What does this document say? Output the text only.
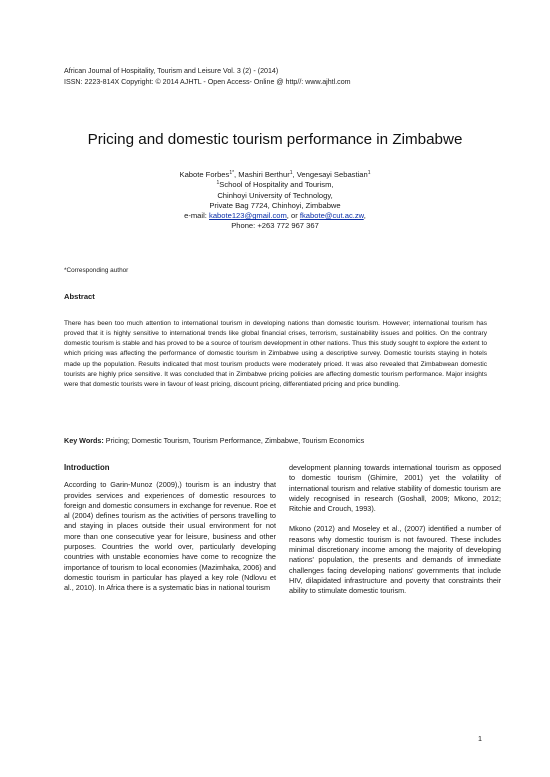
African Journal of Hospitality, Tourism and Leisure Vol. 3 (2) - (2014)
ISSN: 2223-814X Copyright: © 2014 AJHTL - Open Access- Online @ http//: www.ajhtl.com
Pricing and domestic tourism performance in Zimbabwe
Kabote Forbes$^{1*}$, Mashiri Berthur$^1$, Vengesayi Sebastian$^1$
$^1$School of Hospitality and Tourism,
Chinhoyi University of Technology,
Private Bag 7724, Chinhoyi, Zimbabwe
e-mail: kabote123@gmail.com, or fkabote@cut.ac.zw,
Phone: +263 772 967 367
*Corresponding author
Abstract

There has been too much attention to international tourism in developing nations than domestic tourism. However; international tourism has proved that it is highly sensitive to international trends like global financial crises, terrorism, sustainability issues and politics. On the contrary domestic tourism is stable and has proved to be a source of tourism development in other nations. Thus this study sought to explore the extent to which pricing was affecting the performance of domestic tourism in Zimbabwe using a descriptive survey. Domestic tourists staying in hotels made up the population. Results indicated that most tourism products were moderately priced. It was also revealed that Zimbabwean domestic tourists are highly price sensitive. It was concluded that in Zimbabwe pricing policies are affecting domestic tourism performance. Major insights were that domestic tourists were in favour of least pricing, discount pricing, differentiated pricing and price bundling.

Key Words: Pricing; Domestic Tourism, Tourism Performance, Zimbabwe, Tourism Economics
Introduction

According to Garin-Munoz (2009),) tourism is an industry that provides services and experiences of domestic resources to foreign and domestic consumers in exchange for revenue. Roe et al (2004) defines tourism as the activities of persons travelling to and staying in places outside their usual environment for not more than one consecutive year for leisure, business and other purposes. Countries the world over, particularly developing countries with unstable economies have come to recognize the importance of tourism to local economies (Mazimhaka, 2006) and domestic tourism in particular has played a key role (Ndlovu et al., 2010). In Africa there is a systematic bias in national tourism

development planning towards international tourism as opposed to domestic tourism (Ghimire, 2001) yet the volatility of international tourism and relative stability of domestic tourism are widely recognised in research (Goshall, 2009; Mkono, 2012; Ritchie and Crouch, 1993).

Mkono (2012) and Moseley et al., (2007) identified a number of reasons why domestic tourism is not favoured. These includes minimal discretionary income among the majority of developing nations' population, the presents and demands of immediate challenges facing developing nations' governments that include HIV, dilapidated infrastructure and poverty that constraints their ability to stimulate domestic tourism.

1
